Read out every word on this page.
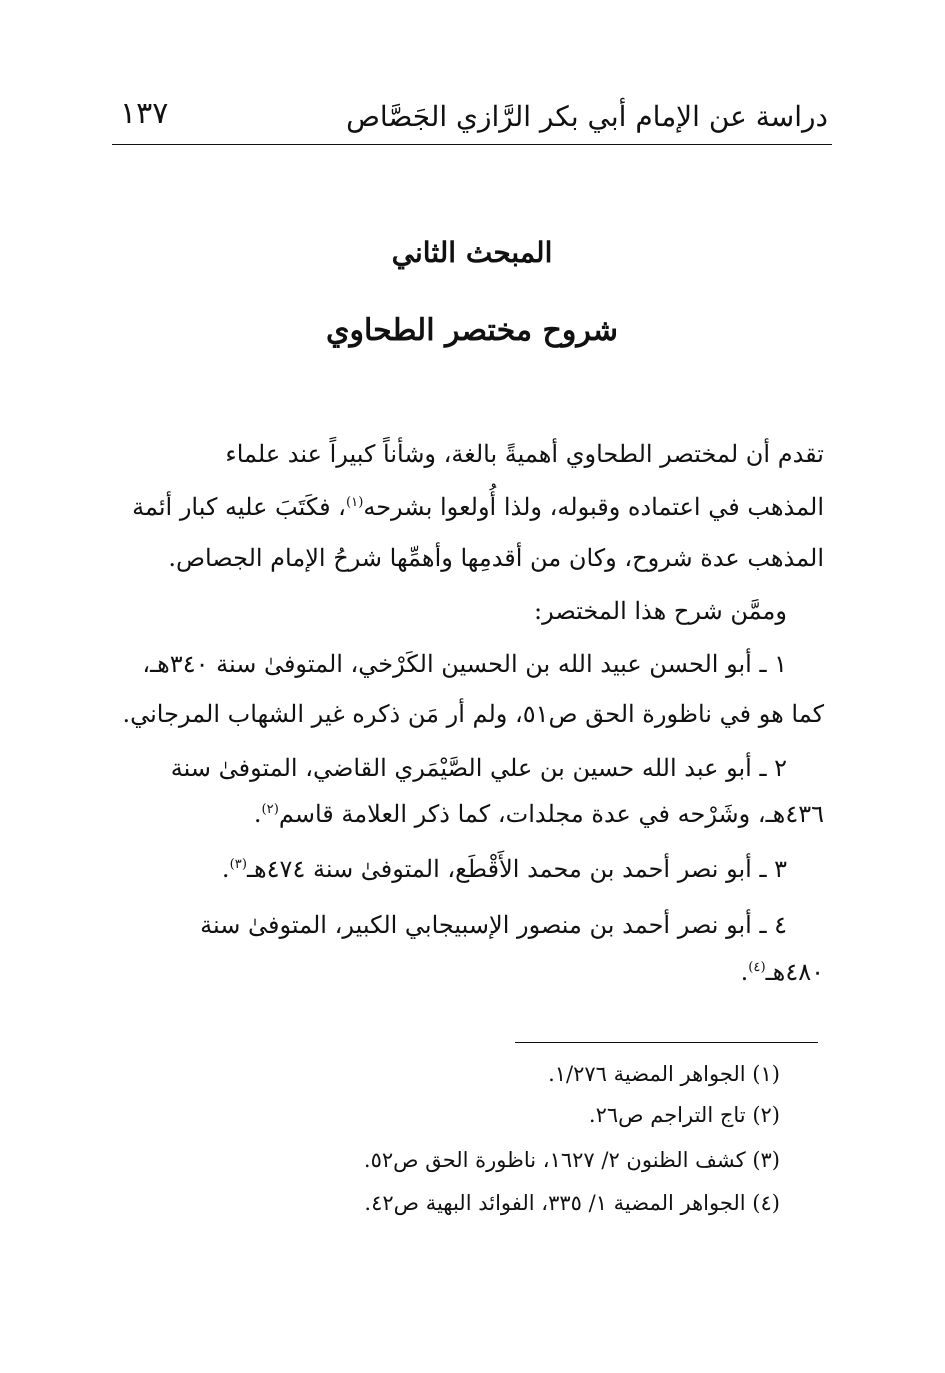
دراسة عن الإمام أبي بكر الرَّازي الجَصَّاص
١٣٧
المبحث الثاني
شروح مختصر الطحاوي
تقدم أن لمختصر الطحاوي أهميةً بالغة، وشأناً كبيراً عند علماء
المذهب في اعتماده وقبوله، ولذا أُولعوا بشرحه$^{(١)}$، فكَتَبَ عليه كبار أئمة
المذهب عدة شروح، وكان من أقدمِها وأهمِّها شرحُ الإمام الجصاص.
وممَّن شرح هذا المختصر:
١ ـ أبو الحسن عبيد الله بن الحسين الكَرْخي، المتوفىٰ سنة ٣٤٠هـ،
كما هو في ناظورة الحق ص٥١، ولم أر مَن ذكره غير الشهاب المرجاني.
٢ ـ أبو عبد الله حسين بن علي الصَّيْمَري القاضي، المتوفىٰ سنة
٤٣٦هـ، وشَرْحه في عدة مجلدات، كما ذكر العلامة قاسم$^{(٢)}$.
٣ ـ أبو نصر أحمد بن محمد الأَقْطَع، المتوفىٰ سنة ٤٧٤هـ$^{(٣)}$.
٤ ـ أبو نصر أحمد بن منصور الإسبيجابي الكبير، المتوفىٰ سنة
٤٨٠هـ$^{(٤)}$.
(١) الجواهر المضية ١/٢٧٦.
(٢) تاج التراجم ص٢٦.
(٣) كشف الظنون ٢/ ١٦٢٧، ناظورة الحق ص٥٢.
(٤) الجواهر المضية ١/ ٣٣٥، الفوائد البهية ص٤٢.
